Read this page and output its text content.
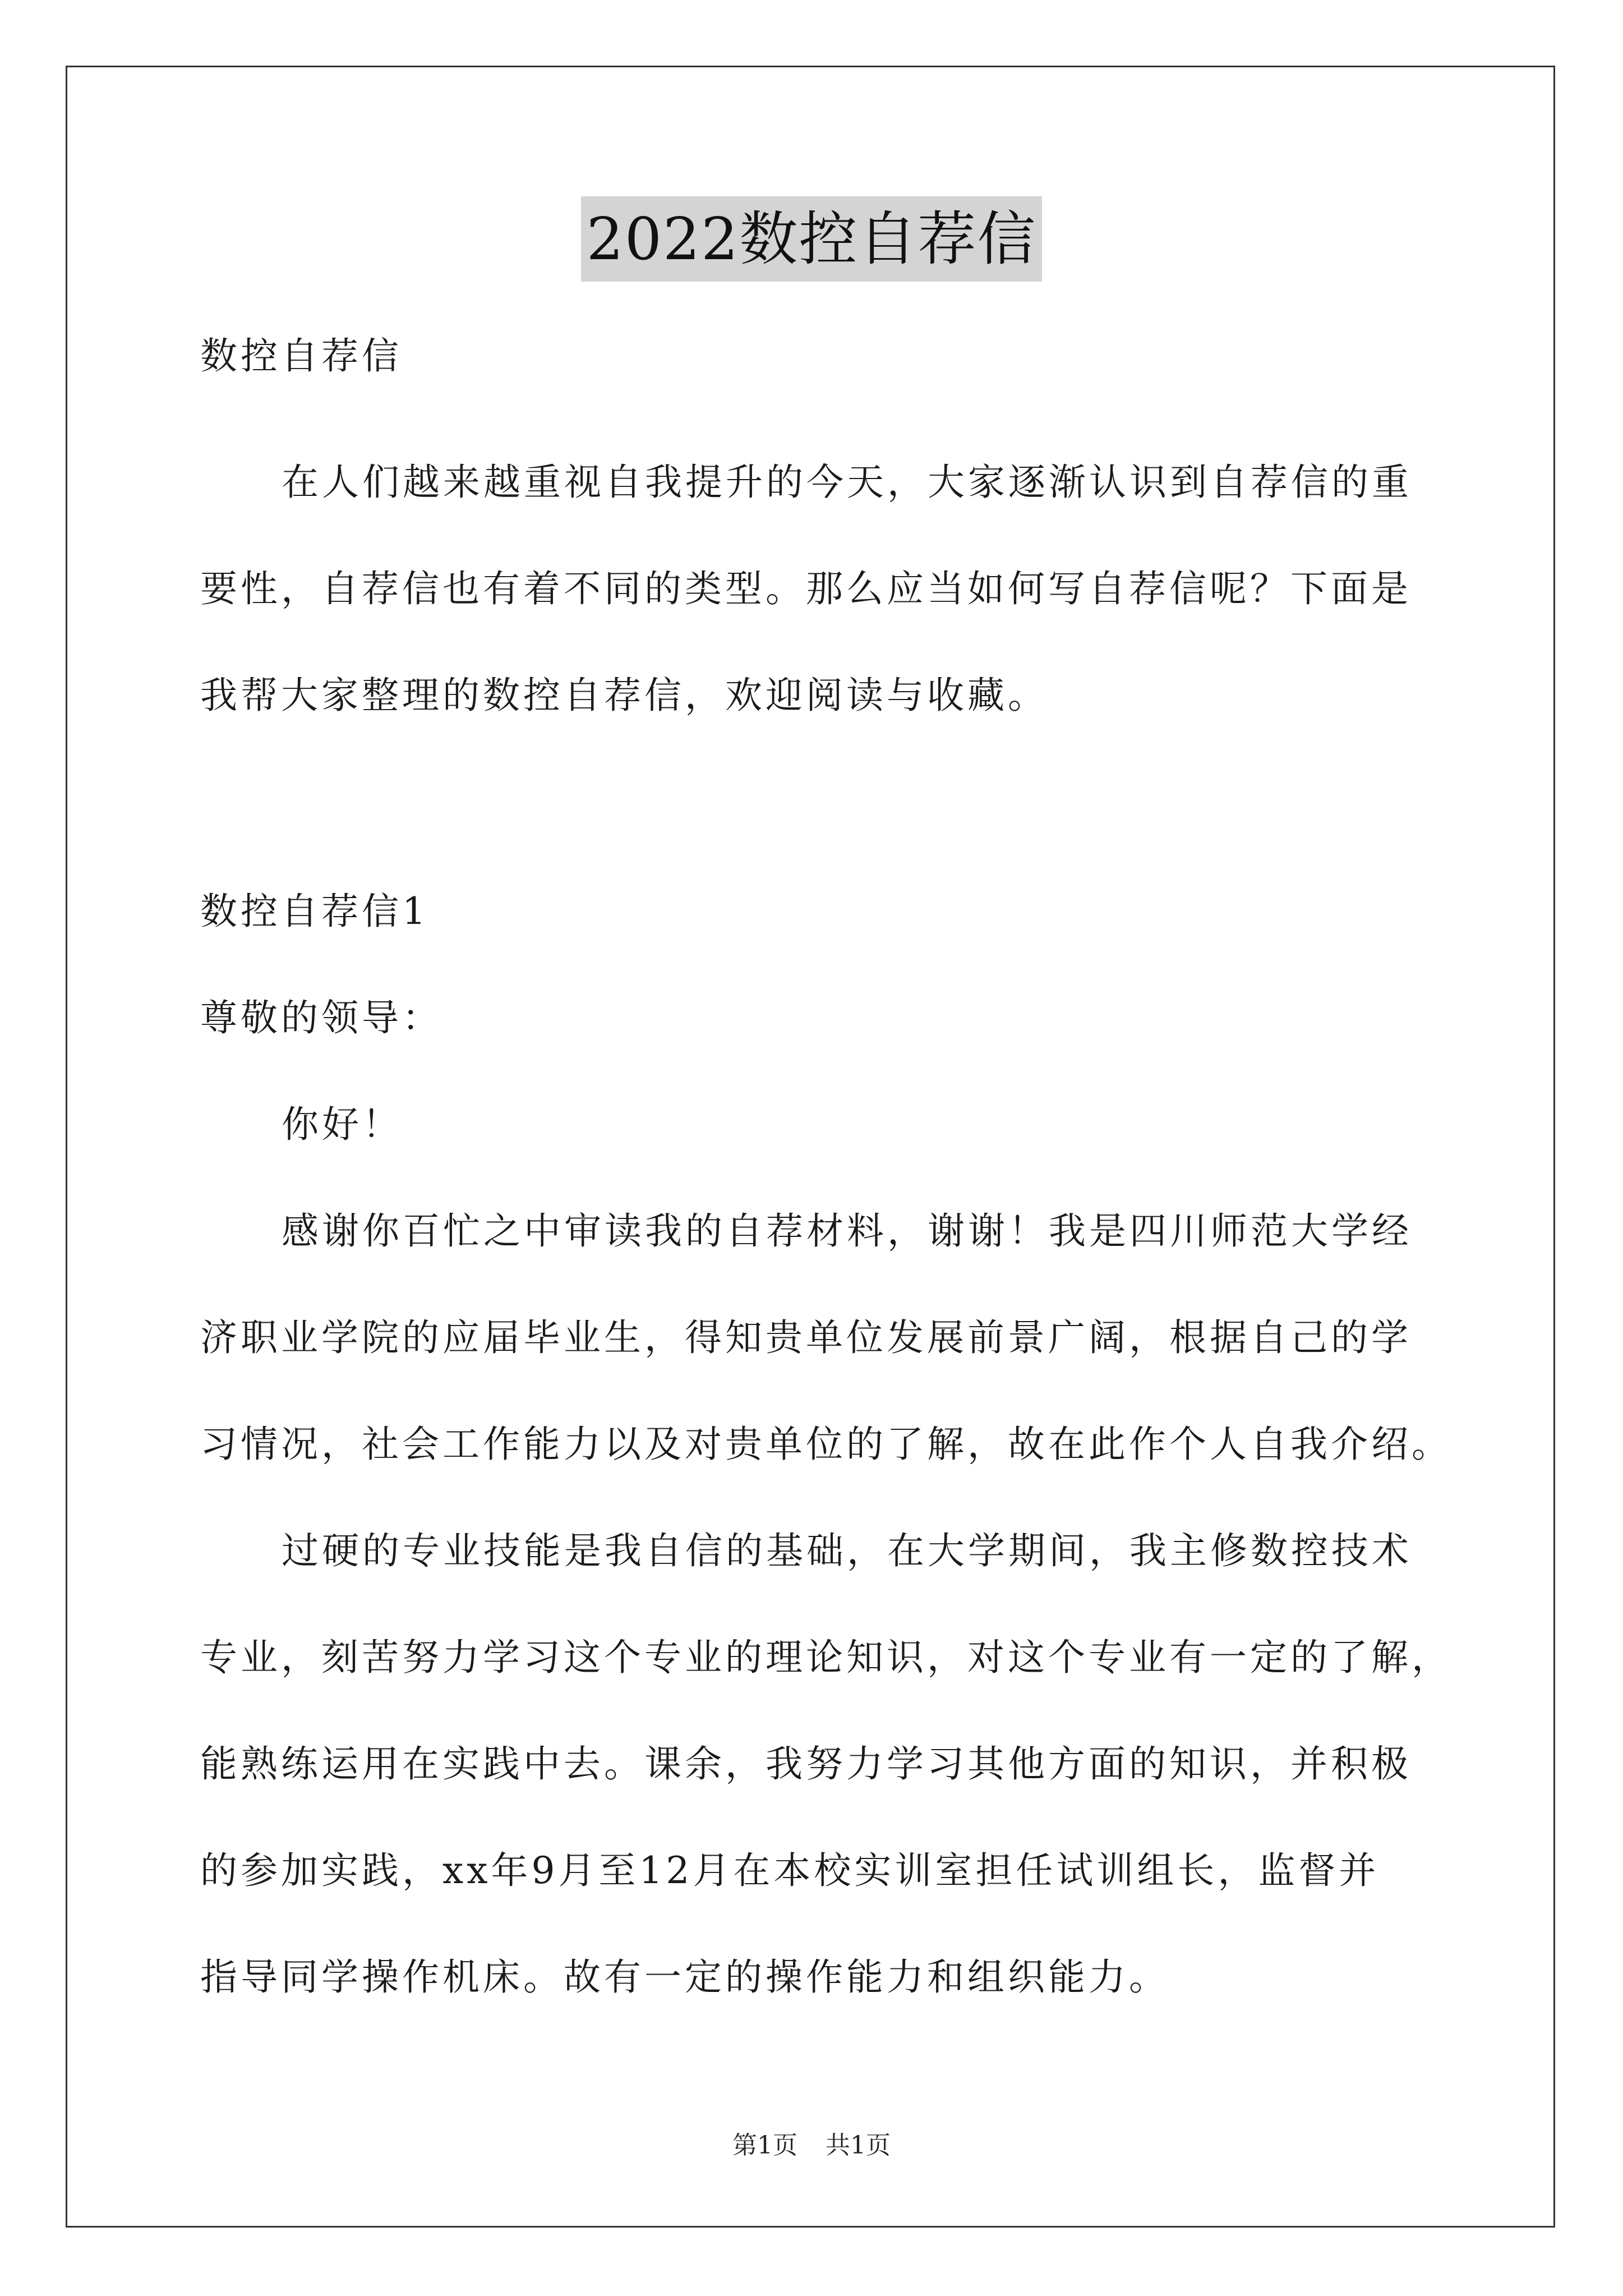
2022数控自荐信
数控自荐信
在人们越来越重视自我提升的今天，大家逐渐认识到自荐信的重
要性，自荐信也有着不同的类型。那么应当如何写自荐信呢？下面是
我帮大家整理的数控自荐信，欢迎阅读与收藏。
数控自荐信1
尊敬的领导：
你好！
感谢你百忙之中审读我的自荐材料，谢谢！我是四川师范大学经
济职业学院的应届毕业生，得知贵单位发展前景广阔，根据自己的学
习情况，社会工作能力以及对贵单位的了解，故在此作个人自我介绍。
过硬的专业技能是我自信的基础，在大学期间，我主修数控技术
专业，刻苦努力学习这个专业的理论知识，对这个专业有一定的了解，
能熟练运用在实践中去。课余，我努力学习其他方面的知识，并积极
的参加实践，xx年9月至12月在本校实训室担任试训组长，监督并
指导同学操作机床。故有一定的操作能力和组织能力。
第1页 共1页
